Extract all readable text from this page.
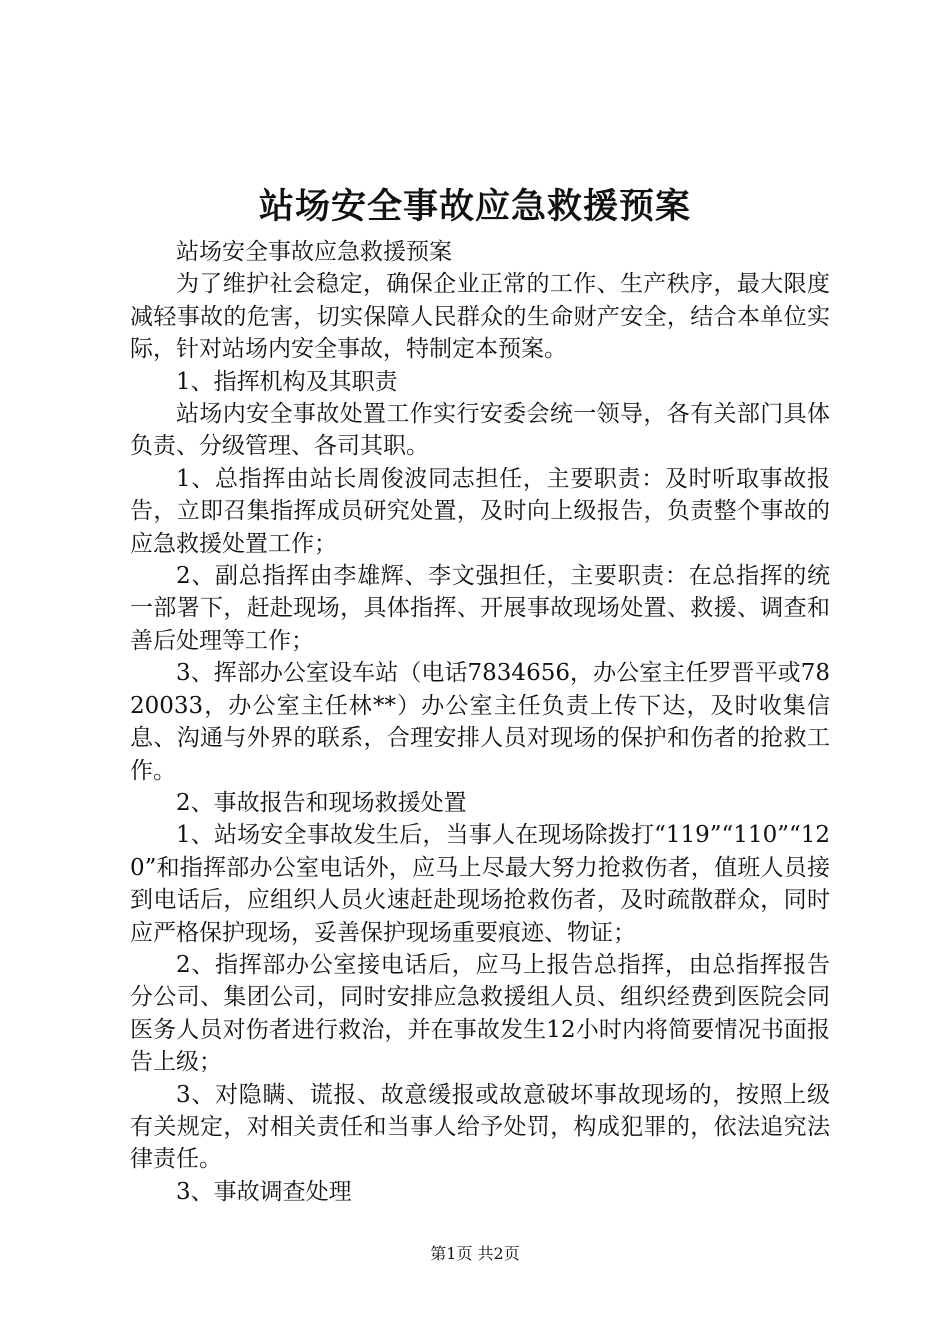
站场安全事故应急救援预案

站场安全事故应急救援预案

为了维护社会稳定，确保企业正常的工作、生产秩序，最大限度减轻事故的危害，切实保障人民群众的生命财产安全，结合本单位实际，针对站场内安全事故，特制定本预案。

1、指挥机构及其职责

站场内安全事故处置工作实行安委会统一领导，各有关部门具体负责、分级管理、各司其职。

1、总指挥由站长周俊波同志担任，主要职责：及时听取事故报告，立即召集指挥成员研究处置，及时向上级报告，负责整个事故的应急救援处置工作；

2、副总指挥由李雄辉、李文强担任，主要职责：在总指挥的统一部署下，赶赴现场，具体指挥、开展事故现场处置、救援、调查和善后处理等工作；

3、挥部办公室设车站（电话7834656，办公室主任罗晋平或7820033，办公室主任林**）办公室主任负责上传下达，及时收集信息、沟通与外界的联系，合理安排人员对现场的保护和伤者的抢救工作。

2、事故报告和现场救援处置

1、站场安全事故发生后，当事人在现场除拨打“119”“110”“120”和指挥部办公室电话外，应马上尽最大努力抢救伤者，值班人员接到电话后，应组织人员火速赶赴现场抢救伤者，及时疏散群众，同时应严格保护现场，妥善保护现场重要痕迹、物证；

2、指挥部办公室接电话后，应马上报告总指挥，由总指挥报告分公司、集团公司，同时安排应急救援组人员、组织经费到医院会同医务人员对伤者进行救治，并在事故发生12小时内将简要情况书面报告上级；

3、对隐瞒、谎报、故意缓报或故意破坏事故现场的，按照上级有关规定，对相关责任和当事人给予处罚，构成犯罪的，依法追究法律责任。

3、事故调查处理

第1页 共2页
